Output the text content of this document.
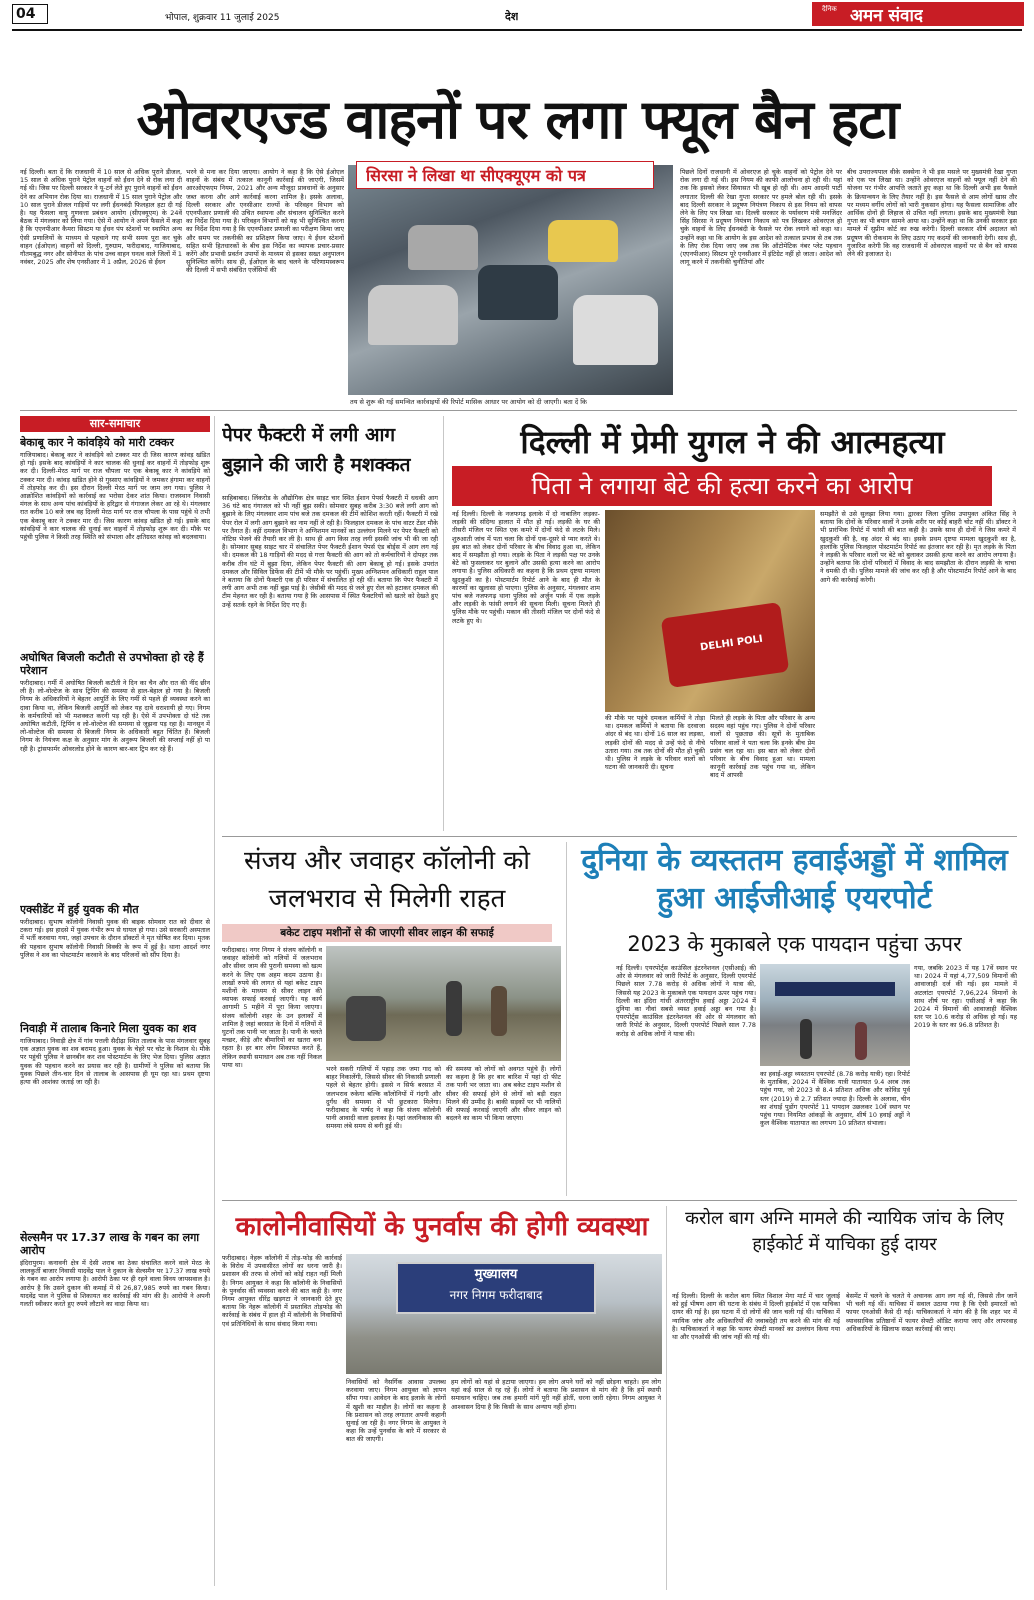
04	भोपाल, शुक्रवार 11 जुलाई 2025	देश
दैनिक अमन संवाद
ओवरएज्ड वाहनों पर लगा फ्यूल बैन हटा
नई दिल्ली। बता दें कि राजधानी में 10 साल से अधिक पुराने डीजल, 15 साल से अधिक पुराने पेट्रोल वाहनों को ईंधन देने से रोक लगा दी गई थी। जिस पर दिल्ली सरकार ने यू-टर्न लेते हुए पुराने वाहनों को ईंधन देने का अभियान रोक दिया था। राजधानी में 15 साल पुराने पेट्रोल और 10 साल पुराने डीजल गाड़ियों पर लगी ईंधनबंदी फिलहाल हटा दी गई है। यह फैसला वायु गुणवत्ता प्रबंधन आयोग (सीएक्यूएम) के 24वें बैठक में मंगलवार को लिया गया। ऐसे में आयोग ने अपने फैसले में कहा है कि एएनपीआर कैमरा सिस्टम या ईंधन पंप स्टेशनों पर स्थापित अन्य ऐसी प्रणालियों के माध्यम से पहचाने गए सभी समय पूरा कर चुके वाहन (ईओएल) वाहनों को दिल्ली, गुरुग्राम, फरीदाबाद, गाजियाबाद, गौतमबुद्ध नगर और सोनीपत के पांच उच्च वाहन घनत्व वाले जिलों में 1 नवंबर, 2025 और शेष एनसीआर में 1 अप्रैल, 2026 से ईंधन
भरने से मना कर दिया जाएगा। आयोग ने कहा है कि ऐसे ईओएल वाहनों के संबंध में तत्काल कानूनी कार्रवाई की जाएगी, जिसमें आरओएफएम नियम, 2021 और अन्य मौजूदा प्रावधानों के अनुसार जब्त करना और आगे कार्रवाई करना शामिल है। इसके अलावा, दिल्ली सरकार और एनसीआर राज्यों के परिवहन विभाग को एएनपीआर प्रणाली की उचित स्थापना और संचालन सुनिश्चित करने का निर्देश दिया गया है। परिवहन विभागों को यह भी सुनिश्चित करना का निर्देश दिया गया है कि एएनपीआर प्रणाली का परीक्षण किया जाए और समय पर तकनीकी का प्रशिक्षण किया जाए। ये ईंधन स्टेशनों सहित सभी हितधारकों के बीच इस निर्देश का व्यापक प्रचार-प्रसार करेंगे और प्रभावी प्रवर्तन उपायों के माध्यम से इसका सख्त अनुपालन सुनिश्चित करेंगे। साथ ही, ईओएल के बाद चलने के परिणामस्वरूप की दिल्ली में सभी संबंधित एजेंसियों की
सिरसा ने लिखा था सीएक्यूएम को पत्र
तय से शुरू की गई समन्वित कार्रवाइयों की रिपोर्ट मासिक आधार पर आयोग को दी जाएगी। बता दें कि
पिछले दिनों राजधानी में ओवरएज हो चुके वाहनों को पेट्रोल देने पर रोक लगा दी गई थी। इस नियम की काफी आलोचना हो रही थी। यहां तक कि इसको लेकर सियासत भी खूब हो रही थी। आम आदमी पार्टी लगातार दिल्ली की रेखा गुप्ता सरकार पर हमले बोल रही थी। इसके बाद दिल्ली सरकार ने प्रदूषण नियंत्रण निकाय से इस नियम को वापस लेने के लिए पत्र लिखा था। दिल्ली सरकार के पर्यावरण मंत्री मनजिंदर सिंह सिरसा ने प्रदूषण नियंत्रण निकाय को पत्र लिखकर ओवरएज हो चुके वाहनों के लिए ईंधनबंदी के फैसले पर रोक लगाने को कहा था। उन्होंने कहा था कि आयोग के इस आदेश को तत्काल प्रभाव से तब तक के लिए रोक दिया जाए जब तक कि ऑटोमेटिक नंबर प्लेट पहचान (एएनपीआर) सिस्टम पूरे एनसीआर में इंटिग्रेट नहीं हो जाता। आदेश को लागू करने में तकनीकी चुनौतियां और
बीच उपराज्यपाल वीके सक्सेना ने भी इस मसले पर मुख्यमंत्री रेखा गुप्ता को एक पत्र लिखा था। उन्होंने ओवरएज वाहनों को फ्यूल नहीं देने की योजना पर गंभीर आपत्ति जताते हुए कहा था कि दिल्ली अभी इस फैसले के क्रियान्वयन के लिए तैयार नहीं है। इस फैसले से आम लोगों खास तौर पर मध्यम वर्गीय लोगों को भारी नुकसान होगा। यह फैसला सामाजिक और आर्थिक दोनों ही लिहाज से उचित नहीं लगता। इसके बाद मुख्यमंत्री रेखा गुप्ता का भी बयान सामने आया था। उन्होंने कहा था कि उनकी सरकार इस मामले में सुप्रीम कोर्ट का रुख करेगी। दिल्ली सरकार शीर्ष अदालत को प्रदूषण की रोकथाम के लिए उठाए गए कदमों की जानकारी देगी। साथ ही, गुजारिश करेगी कि वह राजधानी में ओवरएज वाहनों पर से बैन को वापस लेने की इजाजत दे।
सार-समाचार
बेकाबू कार ने कांवड़िये को मारी टक्कर
गाजियाबाद। बेकाबू कार ने कांवड़िये को टक्कर मार दी जिस कारण कांवड़ खंडित हो गई। इसके बाद कांवड़ियों ने कार चालक की धुनाई कर वाहनों में तोड़फोड़ शुरू कर दी। दिल्ली-मेरठ मार्ग पर राज चौपला पर एक बेकाबू कार ने कांवड़िये को टक्कर मार दी। कांवड़ खंडित होने से गुस्साए कांवड़ियों ने जमकर हंगामा कर वाहनों में तोड़फोड़ कर दी। इस दौरान दिल्ली मेरठ मार्ग पर जाम लग गया। पुलिस ने आक्रोशित कांवड़ियों को कार्रवाई का भरोसा देकर शांत किया। राजस्थान निवासी मंगल के साथ अन्य पांच कांवड़ियों के हरिद्वार से गंगाजल लेकर आ रहे थे। मंगलवार रात करीब 10 बजे जब वह दिल्ली मेरठ मार्ग पर राज चौपला के पास पहुंचे थे तभी एक बेकाबू कार ने टक्कर मार दी। जिस कारण कांवड़ खंडित हो गई। इसके बाद कांवड़ियों ने कार चालक की धुनाई कर वाहनों में तोड़फोड़ शुरू कर दी। मौके पर पहुंची पुलिस ने किसी तरह स्थिति को संभाला और क्षतिग्रस्त कांवड़ को बदलवाया।
अघोषित बिजली कटौती से उपभोक्ता हो रहे हैं परेशान
फरीदाबाद। गर्मी में अघोषित बिजली कटौती ने दिन का चैन और रात की नींद छीन ली है। लो-वोल्टेज के साथ ट्रिपिंग की समस्या से हाल-बेहाल हो गया है। बिजली निगम के अधिकारियों ने बेहतर आपूर्ति के लिए गर्मी से पहले ही व्यवस्था करने का दावा किया था, लेकिन बिजली आपूर्ति को लेकर यह दावे धराशायी हो गए। निगम के कर्मचारियों को भी मशक्कत करनी पड़ रही है। ऐसे में उपभोक्ता दो घंटे तक अघोषित कटौती, ट्रिपिंग व लो-वोल्टेज की समस्या से जूझना पड़ रहा है। मानसून में लो-वोल्टेज की समस्या से बिजली निगम के अधिकारी बहुत चिंतित हैं। बिजली निगम के नियंत्रण कक्ष के अनुसार मांग के अनुरूप बिजली की सप्लाई नहीं हो पा रही है। ट्रांसफार्मर ओवरलोड होने के कारण बार-बार ट्रिप कर रहे हैं।
एक्सीडेंट में हुई युवक की मौत
फरीदाबाद। सुभाष कॉलोनी निवासी युवक की बाइक सोमवार रात को दीवार से टकरा गई। इस हादसे में युवक गंभीर रूप से घायल हो गया। उसे सरकारी अस्पताल में भर्ती करवाया गया, जहां उपचार के दौरान डॉक्टरों ने मृत घोषित कर दिया। मृतक की पहचान सुभाष कॉलोनी निवासी विक्की के रूप में हुई है। थाना आदर्श नगर पुलिस ने शव का पोस्टमार्टम करवाने के बाद परिजनों को सौंप दिया है।
निवाड़ी में तालाब किनारे मिला युवक का शव
गाजियाबाद। निवाड़ी क्षेत्र में गांव पत्तली सैदीढ़ा स्थित तालाब के पास मंगलवार सुबह एक अज्ञात युवक का शव बरामद हुआ। युवक के चेहरे पर चोट के निशान थे। मौके पर पहुंची पुलिस ने छानबीन कर शव पोस्टमार्टम के लिए भेज दिया। पुलिस अज्ञात युवक की पहचान करने का प्रयास कर रही है। ग्रामीणों ने पुलिस को बताया कि युवक पिछले तीन-चार दिन से तालाब के आसपास ही घूम रहा था। प्रथम दृष्टया हत्या की आशंका जताई जा रही है।
सेल्समैन पर 17.37 लाख के गबन का लगा आरोप
इंदिरापुरम। कनावनी क्षेत्र में देसी शराब का ठेका संचालित करने वाले मेरठ के लालकुर्ती बाजार निवासी यादवेंद्र पाल ने दुकान के सेल्समैन पर 17.37 लाख रुपये के गबन का आरोप लगाया है। आरोपी ठेका पर ही रहने वाला विनय जायसवाल है। आरोप है कि उसने दुकान की कमाई में से 26,87,985 रुपये का गबन किया। यादवेंद्र पाल ने पुलिस से शिकायत कर कार्रवाई की मांग की है। आरोपी ने अपनी गलती स्वीकार करते हुए रुपये लौटाने का वादा किया था।
पेपर फैक्टरी में लगी आग बुझाने की जारी है मशक्कत
साहिबाबाद। लिंकरोड के औद्योगिक क्षेत्र साइट चार स्थित ईशान पेपर्स फैक्टरी में धधकी आग 36 घंटे बाद गंगाजल को भी नहीं बुझ सकी। सोमवार सुबह करीब 3:30 बजे लगी आग को बुझाने के लिए मंगलवार शाम पांच बजे तक दमकल की टीमें कोशिश करती रहीं। फैक्टरी में रखे पेपर रोल में लगी आग बुझाने का नाम नहीं ले रही है। फिलहाल दमकल के पांच वाटर टेंडर मौके पर तैनात हैं। वहीं दमकल विभाग ने अग्निशमन मानकों का उल्लंघन मिलने पर पेपर फैक्टरी को नोटिस भेजने की तैयारी कर ली है। साथ ही आग किस तरह लगी इसकी जांच भी की जा रही है। सोमवार सुबह साइट चार में संचालित पेपर फैक्टरी ईशान पेपर्स एंड बोर्ड्स में आग लग गई थी। दमकल की 18 गाड़ियों की मदद से गत्ता फैक्टरी की आग को तो कर्मचारियों ने दोपहर तक करीब तीन घंटे में बुझा दिया, लेकिन पेपर फैक्टरी की आग बेकाबू हो गई। इसके उपरांत दमकल और सिविल डिफेंस की टीमें भी मौके पर पहुंचीं। मुख्य अग्निशमन अधिकारी राहुल पाल ने बताया कि दोनों फैक्टरी एक ही परिसर में संचालित हो रही थीं। बताया कि पेपर फैक्टरी में लगी आग अभी तक नहीं बुझ पाई है। जेसीबी की मदद से जले हुए रोल को हटाकर दमकल की टीम मेहनत कर रही है। बताया गया है कि आसपास में स्थित फैक्टरियों को खतरे को देखते हुए उन्हें सतर्क रहने के निर्देश दिए गए हैं।
दिल्ली में प्रेमी युगल ने की आत्महत्या
पिता ने लगाया बेटे की हत्या करने का आरोप
नई दिल्ली। दिल्ली के नजफगढ़ इलाके में दो नाबालिग लड़का-लड़की की संदिग्ध हालात में मौत हो गई। लड़की के घर की तीसरी मंजिल पर स्थित एक कमरे में दोनों फंदे से लटके मिले। शुरुआती जांच में पता चला कि दोनों एक-दूसरे से प्यार करते थे। इस बात को लेकर दोनों परिवार के बीच विवाद हुआ था, लेकिन बाद में समझौता हो गया। लड़के के पिता ने लड़की पक्ष पर उनके बेटे को फुसलाकर घर बुलाने और उसकी हत्या करने का आरोप लगाया है। पुलिस अधिकारी का कहना है कि प्रथम दृष्टया मामला खुदकुशी का है। पोस्टमार्टम रिपोर्ट आने के बाद ही मौत के कारणों का खुलासा हो पाएगा। पुलिस के अनुसार, मंगलवार शाम पांच बजे नजफगढ़ थाना पुलिस को अर्जुन पार्क में एक लड़के और लड़की के फांसी लगाने की सूचना मिली। सूचना मिलते ही पुलिस मौके पर पहुंची। मकान की तीसरी मंजिल पर दोनों फंदे से लटके हुए थे।
DELHI POLI
की मौके पर पहुंचे दमकल कर्मियों ने तोड़ा था। दमकल कर्मियों ने बताया कि दरवाजा अंदर से बंद था। दोनों 16 साल का लड़का, लड़की दोनों की मदद से उन्हें फंदे से नीचे उतारा गया। तब तक दोनों की मौत हो चुकी थी। पुलिस ने लड़के के परिवार वालों को घटना की जानकारी दी। सूचना
मिलते ही लड़के के पिता और परिवार के अन्य सदस्य वहां पहुंच गए। पुलिस ने दोनों परिवार वालों से पूछताछ की। सूत्रों के मुताबिक परिवार वालों ने पता चला कि इनके बीच प्रेम प्रसंग चल रहा था। इस बात को लेकर दोनों परिवार के बीच विवाद हुआ था। मामला कानूनी कार्रवाई तक पहुंच गया था, लेकिन बाद में आपसी
समझौते से उसे सुलझा लिया गया। द्वारका जिला पुलिस उपायुक्त अंकित सिंह ने बताया कि दोनों के परिवार वालों ने उनके शरीर पर कोई बाहरी चोट नहीं थी। डॉक्टर ने भी प्रारंभिक रिपोर्ट में फांसी की बात कही है। उसके साथ ही दोनों ने जिस कमरे में खुदकुशी की है, वह अंदर से बंद था। इसके प्रथम दृष्टया मामला खुदकुशी का है, हालांकि पुलिस फिलहाल पोस्टमार्टम रिपोर्ट का इंतजार कर रही है। मृत लड़के के पिता ने लड़की के परिवार वालों पर बेटे को बुलाकर उसकी हत्या करने का आरोप लगाया है। उन्होंने बताया कि दोनों परिवारों में विवाद के बाद समझौता के दौरान लड़की के चाचा ने धमकी दी थी। पुलिस मामले की जांच कर रही है और पोस्टमार्टम रिपोर्ट आने के बाद आगे की कार्रवाई करेगी।
संजय और जवाहर कॉलोनी को जलभराव से मिलेगी राहत
बकेट टाइप मशीनों से की जाएगी सीवर लाइन की सफाई
फरीदाबाद। नगर निगम ने संजय कॉलोनी व जवाहर कॉलोनी को गलियों में जलभराव और सीवर जाम की पुरानी समस्या को खत्म करने के लिए एक अहम कदम उठाया है। लाखों रुपये की लागत से यहां बकेट टाइप मशीनों के माध्यम से सीवर लाइन की व्यापक सफाई करवाई जाएगी। यह कार्य आगामी 5 महीने में पूरा किया जाएगा। संजय कॉलोनी शहर के उन इलाकों में शामिल है जहां बरसात के दिनों में गलियों में घुटनों तक पानी भर जाता है। पानी के चलते मच्छर, कीड़े और बीमारियों का खतरा बना रहता है। हर बार लोग शिकायत करते हैं, लेकिन स्थायी समाधान अब तक नहीं निकल पाया था।
भरने सकरी गलियों में पहाड़ तक जमा गाद को बाहर निकालेंगी, जिससे सीवर की निकासी प्रणाली पहले से बेहतर होगी। इससे न सिर्फ बरसात में जलभराव रुकेगा बल्कि कॉलोनियों में गंदगी और दुर्गंध की समस्या से भी छुटकारा मिलेगा। फरीदाबाद के पार्षद ने कहा कि संजय कॉलोनी पानी आवादी वाला इलाका है। यहां जलनिकास की समस्या लंबे समय से बनी हुई थी।
की समस्या को लोगों को अवगत पहुंचे हैं। लोगों का कहना है कि हर बार बारिश में यहां दो फीट तक पानी भर जाता था। अब बकेट टाइप मशीन से सीवर की सफाई होने से लोगों को बड़ी राहत मिलने की उम्मीद है। बाकी सड़कों पर भी नालियों की सफाई करवाई जाएगी और सीवर लाइन को बदलने का काम भी किया जाएगा।
दुनिया के व्यस्ततम हवाईअड्डों में शामिल हुआ आईजीआई एयरपोर्ट
2023 के मुकाबले एक पायदान पहुंचा ऊपर
नई दिल्ली। एयरपोर्ट्स काउंसिल इंटरनेशनल (एसीआई) की ओर से मंगलवार को जारी रिपोर्ट के अनुसार, दिल्ली एयरपोर्ट पिछले साल 7.78 करोड़ से अधिक लोगों ने यात्रा की, जिससे यह 2023 के मुकाबले एक पायदान ऊपर पहुंच गया। दिल्ली का इंदिरा गांधी अंतरराष्ट्रीय हवाई अड्डा 2024 में दुनिया का नौवां सबसे व्यस्त हवाई अड्डा बन गया है। एयरपोर्ट्स काउंसिल इंटरनेशनल की ओर से मंगलवार को जारी रिपोर्ट के अनुसार, दिल्ली एयरपोर्ट पिछले साल 7.78 करोड़ से अधिक लोगों ने यात्रा की।
का हवाई-अड्डा व्यस्ततम एयरपोर्ट (8.78 करोड़ यात्री) रहा। रिपोर्ट के मुताबिक, 2024 में वैश्विक यात्री यातायात 9.4 अरब तक पहुंच गया, जो 2023 से 8.4 प्रतिशत अधिक और कोविड पूर्व स्तर (2019) से 2.7 प्रतिशत ज्यादा है। दिल्ली के अलावा, चीन का शंघाई पुडोंग एयरपोर्ट 11 पायदान उछलकर 10वें स्थान पर पहुंच गया। नियमित आंकड़ों के अनुसार, शीर्ष 10 हवाई अड्डों ने कुल वैश्विक यातायात का लगभग 10 प्रतिशत संभाला।
गया, जबकि 2023 में यह 17वें स्थान पर था। 2024 में यहां 4,77,509 विमानों की आवाजाही दर्ज की गई। इस मामले में अटलांटा एयरपोर्ट 7,96,224 विमानों के साथ शीर्ष पर रहा। एसीआई ने कहा कि 2024 में विमानों की आवाजाही वैश्विक स्तर पर 10.6 करोड़ से अधिक हो गई। यह 2019 के स्तर का 96.8 प्रतिशत है।
कालोनीवासियों के पुनर्वास की होगी व्यवस्था
फरीदाबाद। नेहरू कॉलोनी में तोड़-फोड़ की कार्रवाई के विरोध में उपवासीरत लोगों का धरना जारी है। प्रशासन की तरफ से लोगों को कोई राहत नहीं मिली है। निगम आयुक्त ने कहा कि कॉलोनी के निवासियों के पुनर्वास की व्यवस्था करने की बात कही है। नगर निगम आयुक्त धीरेंद्र खड़गटा ने जानकारी देते हुए बताया कि नेहरू कॉलोनी में प्रस्तावित तोड़फोड़ की कार्रवाई के संबंध में हाल ही में कॉलोनी के निवासियों एवं प्रतिनिधियों के साथ संवाद किया गया।
मुख्यालय
नगर निगम फरीदाबाद
निवासियों को नैसर्गिक आवास उपलब्ध करवाया जाए। निगम आयुक्त को ज्ञापन सौंपा गया। आवेदन के बाद इलाके के लोगों में खुशी का माहौल है। लोगों का कहना है कि प्रशासन को तरह लगातार अपनी कहानी सुनाई जा रही है। नगर निगम के आयुक्त ने कहा कि उन्हें पुनर्वास के बारे में सरकार से बात की जाएगी।
हम लोगों को यहां से हटाया जाएगा। हम लोग अपने घरों को नहीं छोड़ना चाहते। हम लोग यहां कई साल से रह रहे हैं। लोगों ने बताया कि प्रशासन से मांग की है कि हमें स्थायी समाधान चाहिए। जब तक हमारी मांगें पूरी नहीं होतीं, धरना जारी रहेगा। निगम आयुक्त ने आश्वासन दिया है कि किसी के साथ अन्याय नहीं होगा।
करोल बाग अग्नि मामले की न्यायिक जांच के लिए हाईकोर्ट में याचिका हुई दायर
नई दिल्ली। दिल्ली के करोल बाग स्थित विशाल मेगा मार्ट में चार जुलाई को हुई भीषण आग की घटना के संबंध में दिल्ली हाईकोर्ट में एक याचिका दायर की गई है। इस घटना में दो लोगों की जान चली गई थी। याचिका में न्यायिक जांच और अधिकारियों की जवाबदेही तय करने की मांग की गई है। याचिकाकर्ता ने कहा कि फायर सेफ्टी मानकों का उल्लंघन किया गया था और एनओसी की जांच नहीं की गई थी।
बेसमेंट में चलने के चलते ये अचानक आग लग गई थी, जिससे तीन जानें भी चली गई थीं। याचिका में सवाल उठाया गया है कि ऐसी इमारतों को फायर एनओसी कैसे दी गई। याचिकाकर्ता ने मांग की है कि शहर भर में व्यावसायिक प्रतिष्ठानों में फायर सेफ्टी ऑडिट कराया जाए और लापरवाह अधिकारियों के खिलाफ सख्त कार्रवाई की जाए।
